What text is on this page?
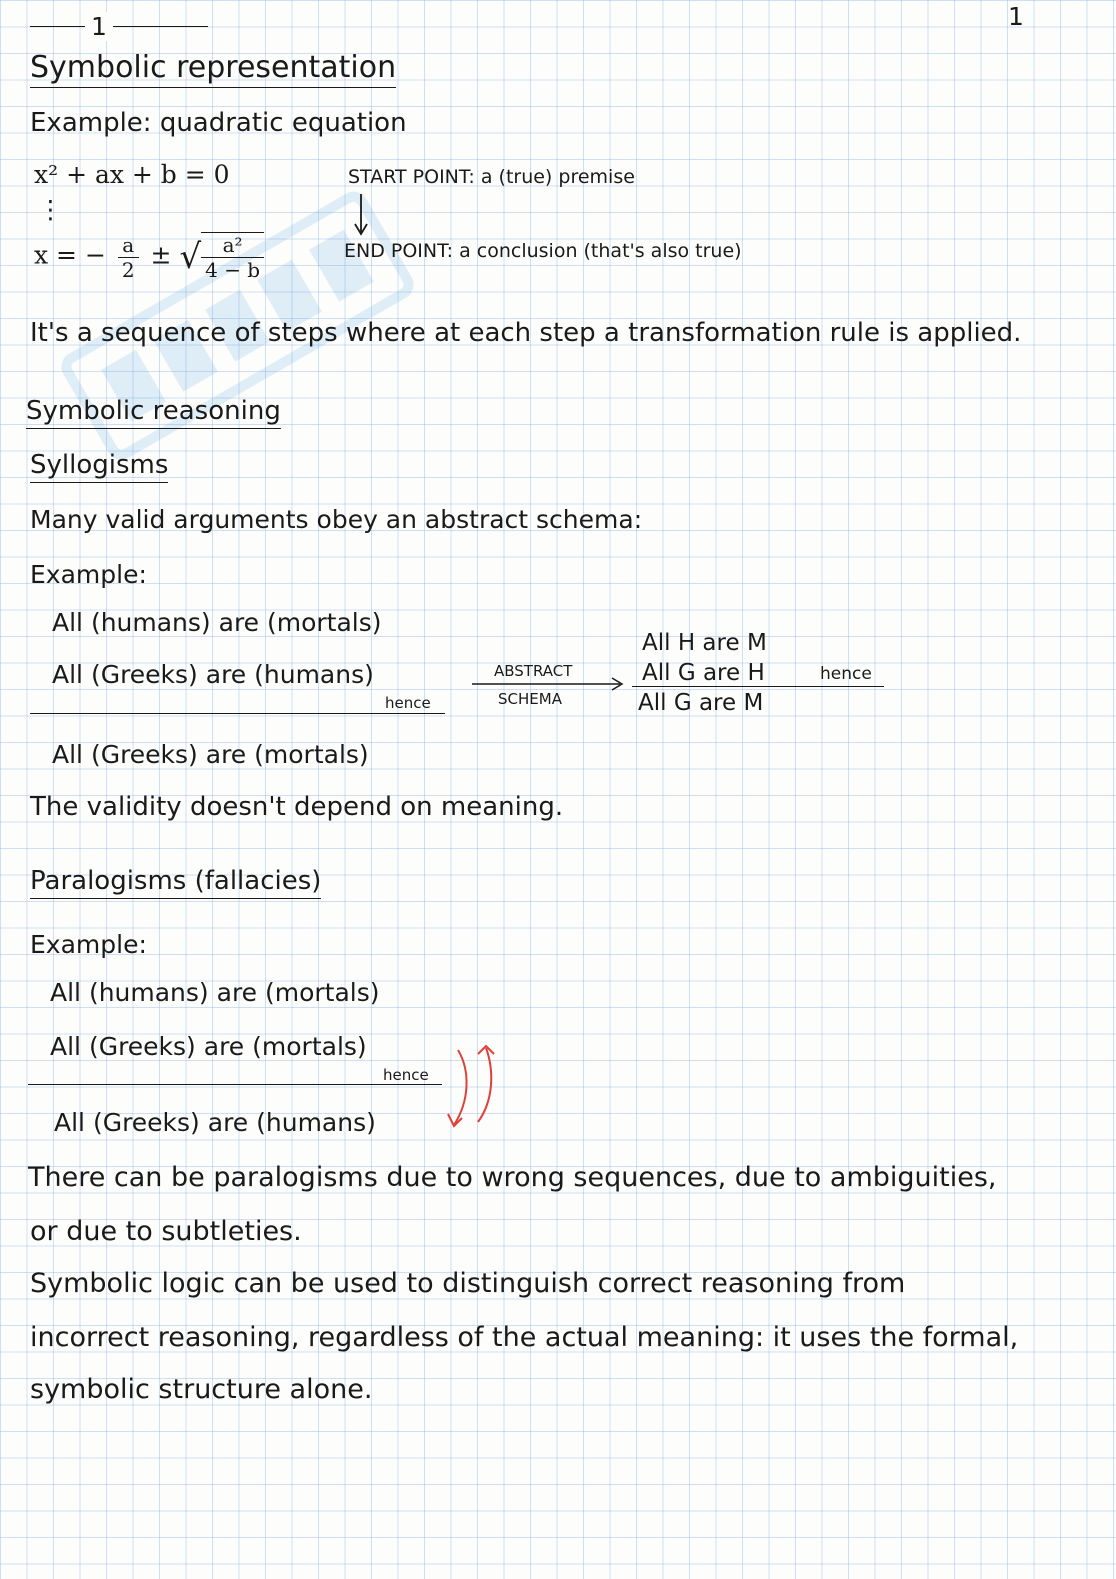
1	1
Symbolic representation
Example: quadratic equation
x² + ax + b = 0
⋮
x = − $\frac{a}{2}$ ± √ $\frac{\text{a²}}{4 - b}$
START POINT: a (true) premise
END POINT: a conclusion (that's also true)
It's a sequence of steps where at each step a transformation rule is applied.
Symbolic reasoning
Syllogisms
Many valid arguments obey an abstract schema:
Example:
All (humans) are (mortals)
All (Greeks) are (humans)
hence
All (Greeks) are (mortals)
ABSTRACT
SCHEMA
All H are M
All G are H	hence
All G are M
The validity doesn't depend on meaning.
Paralogisms (fallacies)
Example:
All (humans) are (mortals)
All (Greeks) are (mortals)
hence
All (Greeks) are (humans)
There can be paralogisms due to wrong sequences, due to ambiguities,
or due to subtleties.
Symbolic logic can be used to distinguish correct reasoning from
incorrect reasoning, regardless of the actual meaning: it uses the formal,
symbolic structure alone.
